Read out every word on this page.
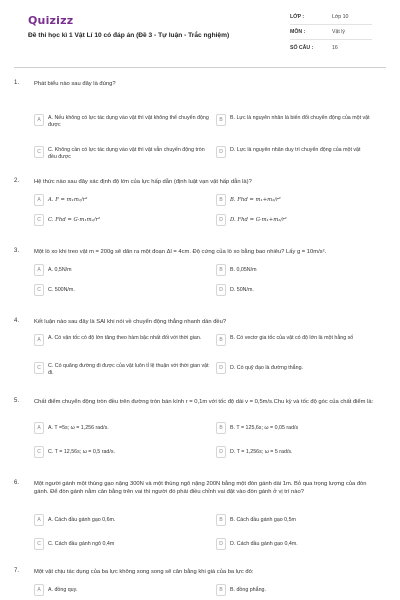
Quizizz
Đề thi học kì 1 Vật Lí 10 có đáp án (Đề 3 - Tự luận - Trắc nghiệm)
LỚP :	Lớp 10
MÔN :	Vật lý
SỐ CÂU :	16
1.	Phát biểu nào sau đây là đúng?
A	A. Nếu không có lực tác dụng vào vật thì vật không thể chuyển động được
B	B. Lực là nguyên nhân là biến đổi chuyển động của một vật
C	C. Không cần có lực tác dụng vào vật thì vật vẫn chuyển động tròn đều được
D	D. Lực là nguyên nhân duy trì chuyển động của một vật
2.	Hệ thức nào sau đây xác định độ lớn của lực hấp dẫn (định luật vạn vật hấp dẫn là)?
A	A. F = m₁m₂/r²	B	B. Fhd = m₁+m₂/r²
C	C. Fhd = G·m₁m₂/r²	D	D. Fhd = G·m₁+m₂/r²
3.	Một lò xo khi treo vật m = 200g sẽ dãn ra một đoạn Δl = 4cm. Độ cứng của lò xo bằng bao nhiêu? Lấy g = 10m/s².
A	A. 0,5N/m	B	B. 0,05N/m
C	C. 500N/m.	D	D. 50N/m.
4.	Kết luận nào sau đây là SAI khi nói về chuyển động thẳng nhanh dần đều?
A	A. Có vận tốc có độ lớn tăng theo hàm bậc nhất đối với thời gian.	B	B. Có vectơ gia tốc của vật có độ lớn là một hằng số
C	C. Có quãng đường đi được của vật luôn tỉ lệ thuận với thời gian vật đi.
D	D. Có quỹ đạo là đường thẳng.
5.	Chất điểm chuyển động tròn đều trên đường tròn bán kính r = 0,1m với tốc độ dài v = 0,5m/s.Chu kỳ và tốc độ góc của chất điểm là:
A	A. T =5s; ω = 1,256 rad/s.	B	B. T = 125,6s; ω = 0,05 rad/s
C	C. T = 12,56s; ω = 0,5 rad/s.	D	D. T = 1,256s; ω = 5 rad/s.
6.	Một người gánh một thùng gạo nặng 300N và một thùng ngô nặng 200N bằng một đòn gánh dài 1m. Bỏ qua trọng lượng của đòn gánh. Để đòn gánh nằm cân bằng trên vai thì người đó phải điều chỉnh vai đặt vào đòn gánh ở vị trí nào?
A	A. Cách đầu gánh gạo 0,6m.	B	B. Cách đầu gánh gạo 0,5m
C	C. Cách đầu gánh ngô 0,4m	D	D. Cách đầu gánh gạo 0,4m.
7.	Một vật chịu tác dụng của ba lực không song song sẽ cân bằng khi giá của ba lực đó:
A	A. đồng quy.	B	B. đồng phẳng.
